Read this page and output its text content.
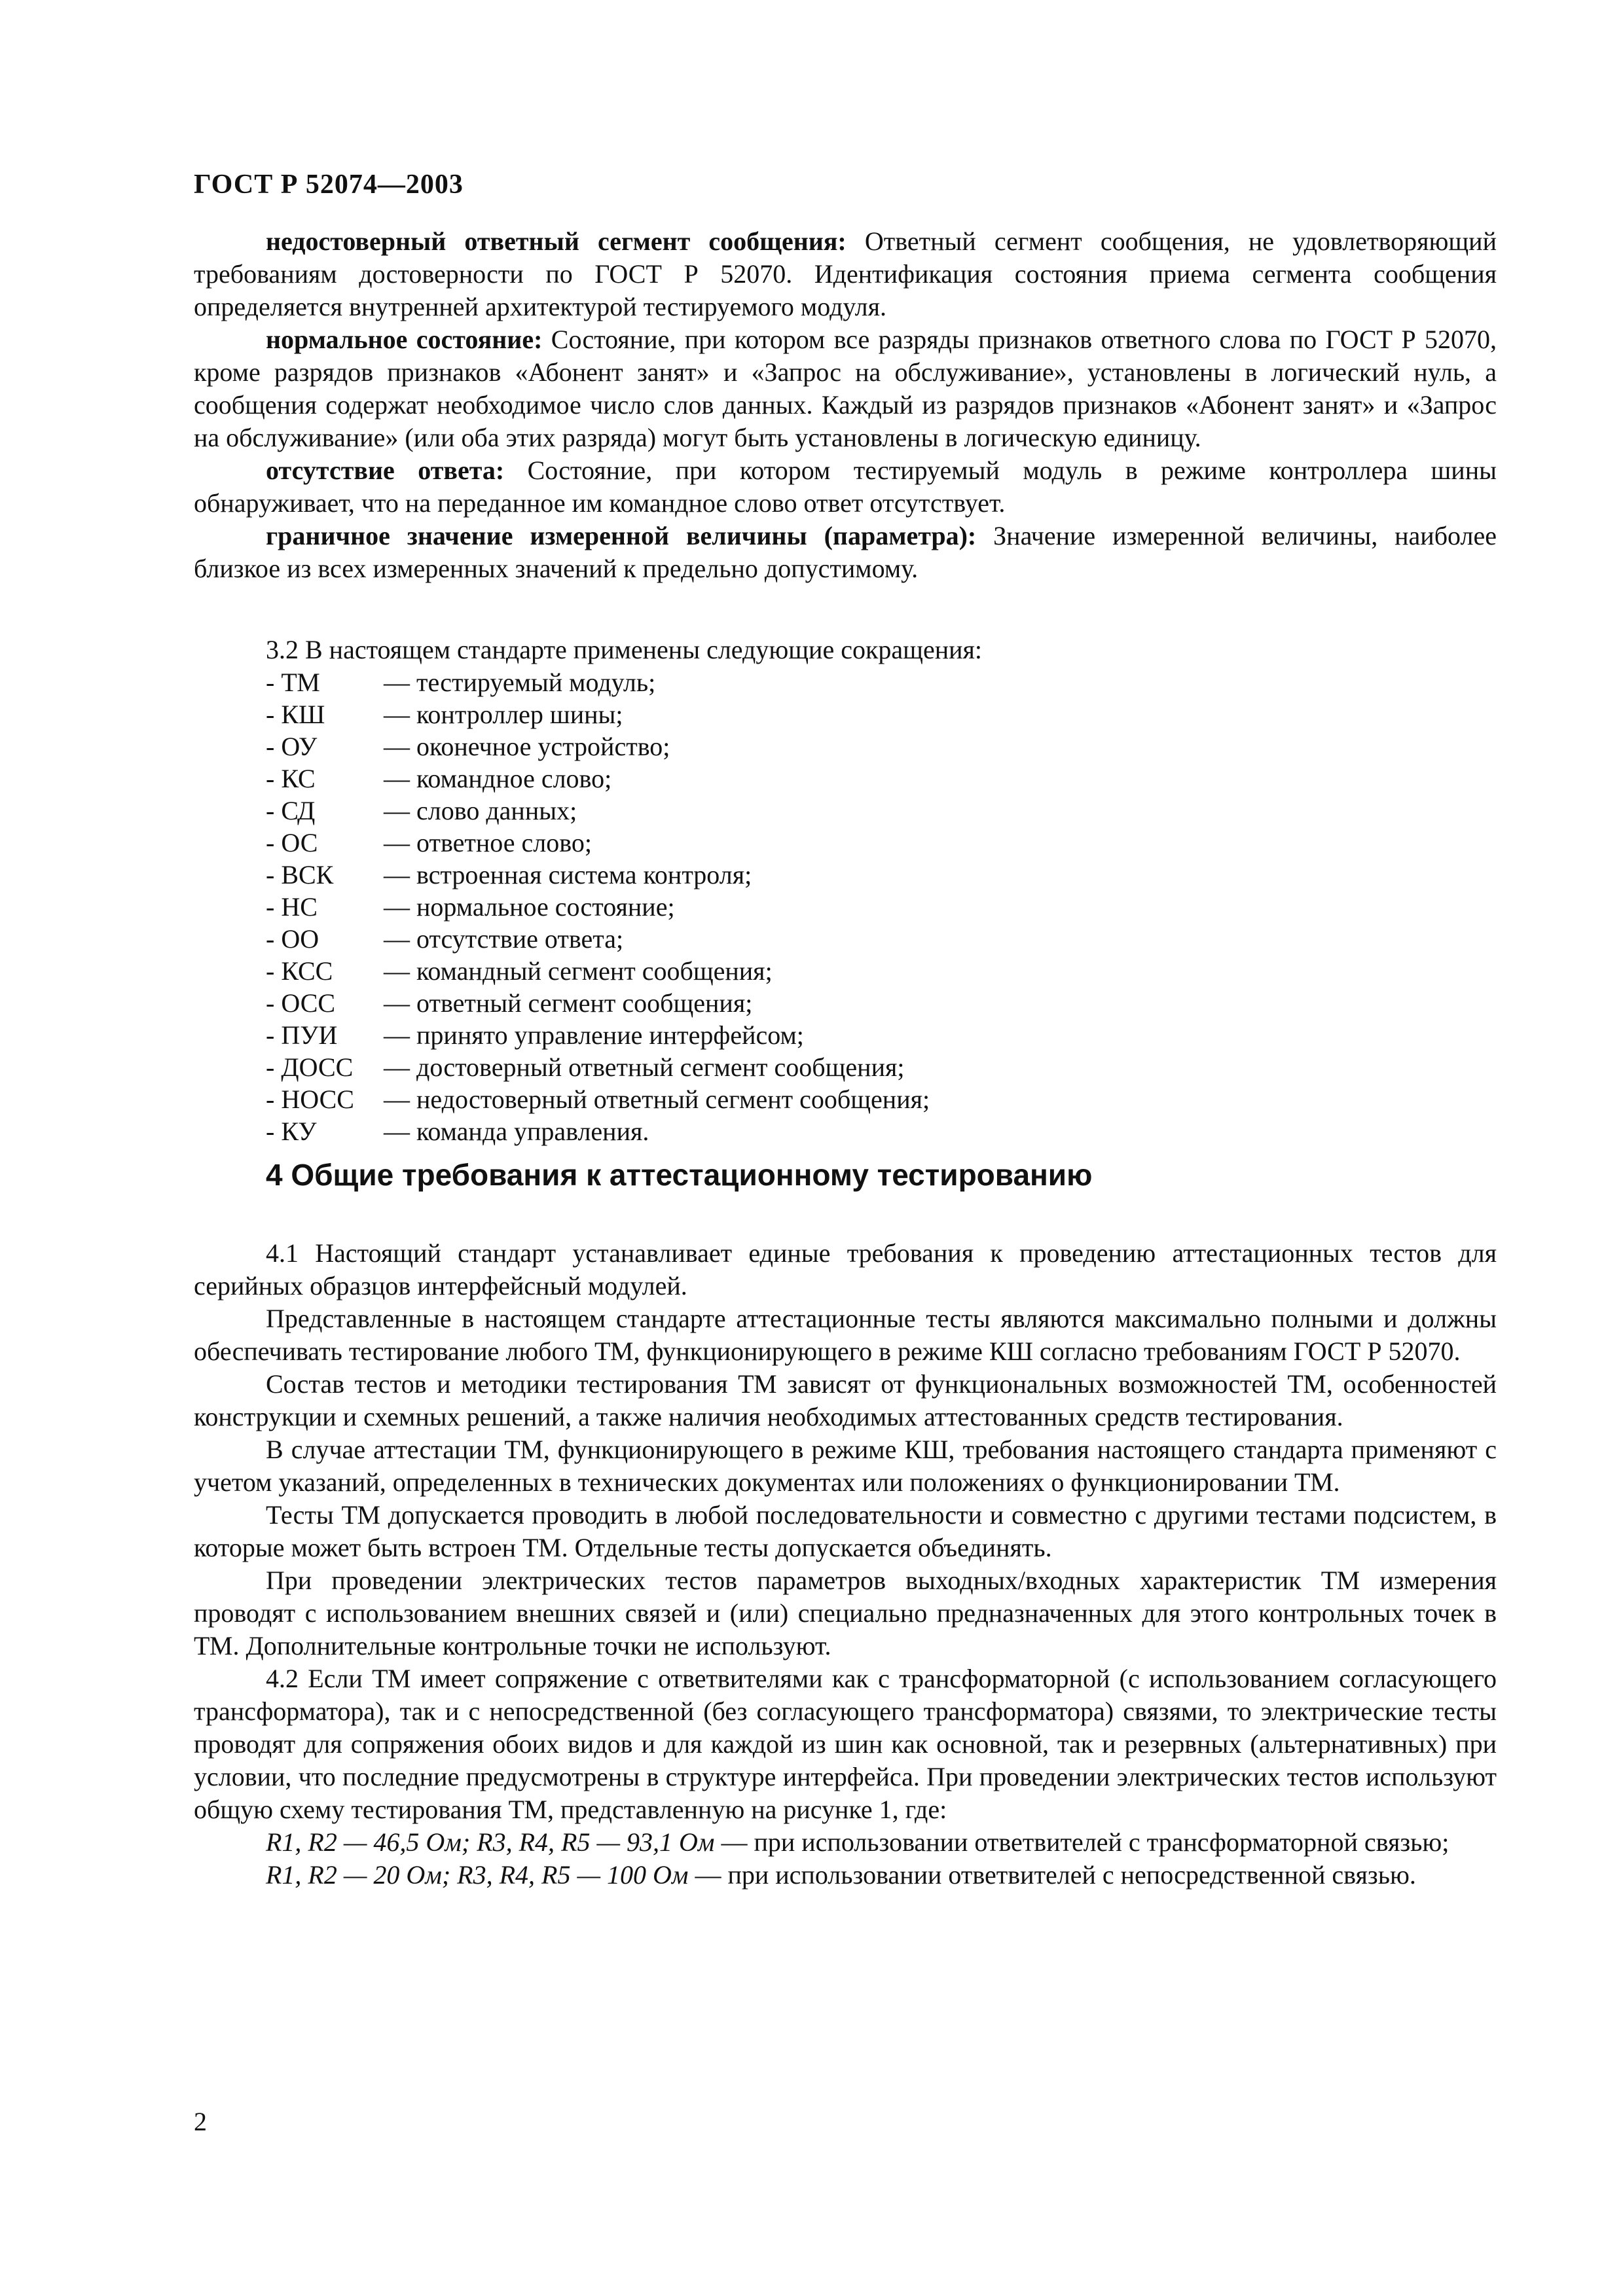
ГОСТ Р 52074—2003

недостоверный ответный сегмент сообщения: Ответный сегмент сообщения, не удовлетворяющий требованиям достоверности по ГОСТ Р 52070. Идентификация состояния приема сегмента сообщения определяется внутренней архитектурой тестируемого модуля.

нормальное состояние: Состояние, при котором все разряды признаков ответного слова по ГОСТ Р 52070, кроме разрядов признаков «Абонент занят» и «Запрос на обслуживание», установлены в логический нуль, а сообщения содержат необходимое число слов данных. Каждый из разрядов признаков «Абонент занят» и «Запрос на обслуживание» (или оба этих разряда) могут быть установлены в логическую единицу.

отсутствие ответа: Состояние, при котором тестируемый модуль в режиме контроллера шины обнаруживает, что на переданное им командное слово ответ отсутствует.

граничное значение измеренной величины (параметра): Значение измеренной величины, наиболее близкое из всех измеренных значений к предельно допустимому.

3.2 В настоящем стандарте применены следующие сокращения:
- ТМ	— тестируемый модуль;
- КШ	— контроллер шины;
- ОУ	— оконечное устройство;
- КС	— командное слово;
- СД	— слово данных;
- ОС	— ответное слово;
- ВСК	— встроенная система контроля;
- НС	— нормальное состояние;
- ОО	— отсутствие ответа;
- КСС	— командный сегмент сообщения;
- ОСС	— ответный сегмент сообщения;
- ПУИ	— принято управление интерфейсом;
- ДОСС	— достоверный ответный сегмент сообщения;
- НОСС	— недостоверный ответный сегмент сообщения;
- КУ	— команда управления.
4 Общие требования к аттестационному тестированию

4.1 Настоящий стандарт устанавливает единые требования к проведению аттестационных тестов для серийных образцов интерфейсный модулей.

Представленные в настоящем стандарте аттестационные тесты являются максимально полными и должны обеспечивать тестирование любого ТМ, функционирующего в режиме КШ согласно требованиям ГОСТ Р 52070.

Состав тестов и методики тестирования ТМ зависят от функциональных возможностей ТМ, особенностей конструкции и схемных решений, а также наличия необходимых аттестованных средств тестирования.

В случае аттестации ТМ, функционирующего в режиме КШ, требования настоящего стандарта применяют с учетом указаний, определенных в технических документах или положениях о функционировании ТМ.

Тесты ТМ допускается проводить в любой последовательности и совместно с другими тестами подсистем, в которые может быть встроен ТМ. Отдельные тесты допускается объединять.

При проведении электрических тестов параметров выходных/входных характеристик ТМ измерения проводят с использованием внешних связей и (или) специально предназначенных для этого контрольных точек в ТМ. Дополнительные контрольные точки не используют.

4.2 Если ТМ имеет сопряжение с ответвителями как с трансформаторной (с использованием согласующего трансформатора), так и с непосредственной (без согласующего трансформатора) связями, то электрические тесты проводят для сопряжения обоих видов и для каждой из шин как основной, так и резервных (альтернативных) при условии, что последние предусмотрены в структуре интерфейса. При проведении электрических тестов используют общую схему тестирования ТМ, представленную на рисунке 1, где:

R1, R2 — 46,5 Ом; R3, R4, R5 — 93,1 Ом — при использовании ответвителей с трансформаторной связью;

R1, R2 — 20 Ом; R3, R4, R5 — 100 Ом — при использовании ответвителей с непосредственной связью.

2
